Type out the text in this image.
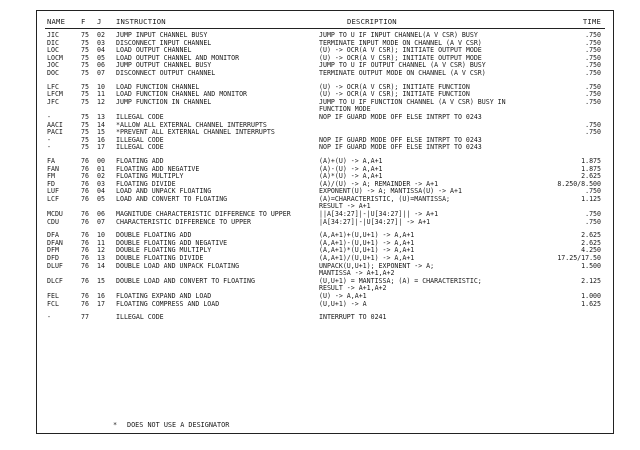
NAME F J INSTRUCTION	DESCRIPTION	TIME
JIC	75 02 JUMP INPUT CHANNEL BUSY	JUMP TO U IF INPUT CHANNEL(A V CSR) BUSY	.750
DIC	75 03 DISCONNECT INPUT CHANNEL	TERMINATE INPUT MODE ON CHANNEL (A V CSR)	.750
LOC	75 04 LOAD OUTPUT CHANNEL	(U) -> OCR(A V CSR); INITIATE OUTPUT MODE	.750
LOCM	75 05 LOAD OUTPUT CHANNEL AND MONITOR	(U) -> OCR(A V CSR); INITIATE OUTPUT MODE	.750
JOC	75 06 JUMP OUTPUT CHANNEL BUSY	JUMP TO U IF OUTPUT CHANNEL (A V CSR) BUSY	.750
DOC	75 07 DISCONNECT OUTPUT CHANNEL	TERMINATE OUTPUT MODE ON CHANNEL (A V CSR)	.750
LFC	75 10 LOAD FUNCTION CHANNEL	(U) -> OCR(A V CSR); INITIATE FUNCTION	.750
LFCM	75 11 LOAD FUNCTION CHANNEL AND MONITOR	(U) -> OCR(A V CSR); INITIATE FUNCTION	.750
JFC	75 12 JUMP FUNCTION IN CHANNEL	JUMP TO U IF FUNCTION CHANNEL (A V CSR) BUSY IN	.750
FUNCTION MODE
-	75 13 ILLEGAL CODE	NOP IF GUARD MODE OFF ELSE INTRPT TO 0243
AACI	75 14 *ALLOW ALL EXTERNAL CHANNEL INTERRUPTS	.750
PACI	75 15 *PREVENT ALL EXTERNAL CHANNEL INTERRUPTS	.750
-	75 16 ILLEGAL CODE	NOP IF GUARD MODE OFF ELSE INTRPT TO 0243
-	75 17 ILLEGAL CODE	NOP IF GUARD MODE OFF ELSE INTRPT TO 0243
FA	76 00 FLOATING ADD	(A)+(U) -> A,A+1	1.875
FAN	76 01 FLOATING ADD NEGATIVE	(A)-(U) -> A,A+1	1.875
FM	76 02 FLOATING MULTIPLY	(A)*(U) -> A,A+1	2.625
FD	76 03 FLOATING DIVIDE	(A)/(U) -> A; REMAINDER -> A+1	8.250/8.500
LUF	76 04 LOAD AND UNPACK FLOATING	EXPONENT(U) -> A; MANTISSA(U) -> A+1	.750
LCF	76 05 LOAD AND CONVERT TO FLOATING	(A)=CHARACTERISTIC, (U)=MANTISSA;	1.125
RESULT -> A+1
MCDU	76 06 MAGNITUDE CHARACTERISTIC DIFFERENCE TO UPPER	||A[34:27]|-|U[34:27]|| -> A+1	.750
CDU	76 07 CHARACTERISTIC DIFFERENCE TO UPPER	|A[34:27]|-|U[34:27]| -> A+1	.750
DFA	76 10 DOUBLE FLOATING ADD	(A,A+1)+(U,U+1) -> A,A+1	2.625
DFAN	76 11 DOUBLE FLOATING ADD NEGATIVE	(A,A+1)-(U,U+1) -> A,A+1	2.625
DFM	76 12 DOUBLE FLOATING MULTIPLY	(A,A+1)*(U,U+1) -> A,A+1	4.250
DFD	76 13 DOUBLE FLOATING DIVIDE	(A,A+1)/(U,U+1) -> A,A+1	17.25/17.50
DLUF	76 14 DOUBLE LOAD AND UNPACK FLOATING	UNPACK(U,U+1); EXPONENT -> A;	1.500
MANTISSA -> A+1,A+2
DLCF	76 15 DOUBLE LOAD AND CONVERT TO FLOATING	(U,U+1) = MANTISSA; (A) = CHARACTERISTIC;	2.125
RESULT -> A+1,A+2
FEL	76 16 FLOATING EXPAND AND LOAD	(U) -> A,A+1	1.000
FCL	76 17 FLOATING COMPRESS AND LOAD	(U,U+1) -> A	1.625
-	77	ILLEGAL CODE	INTERRUPT TO 0241
* DOES NOT USE A DESIGNATOR
